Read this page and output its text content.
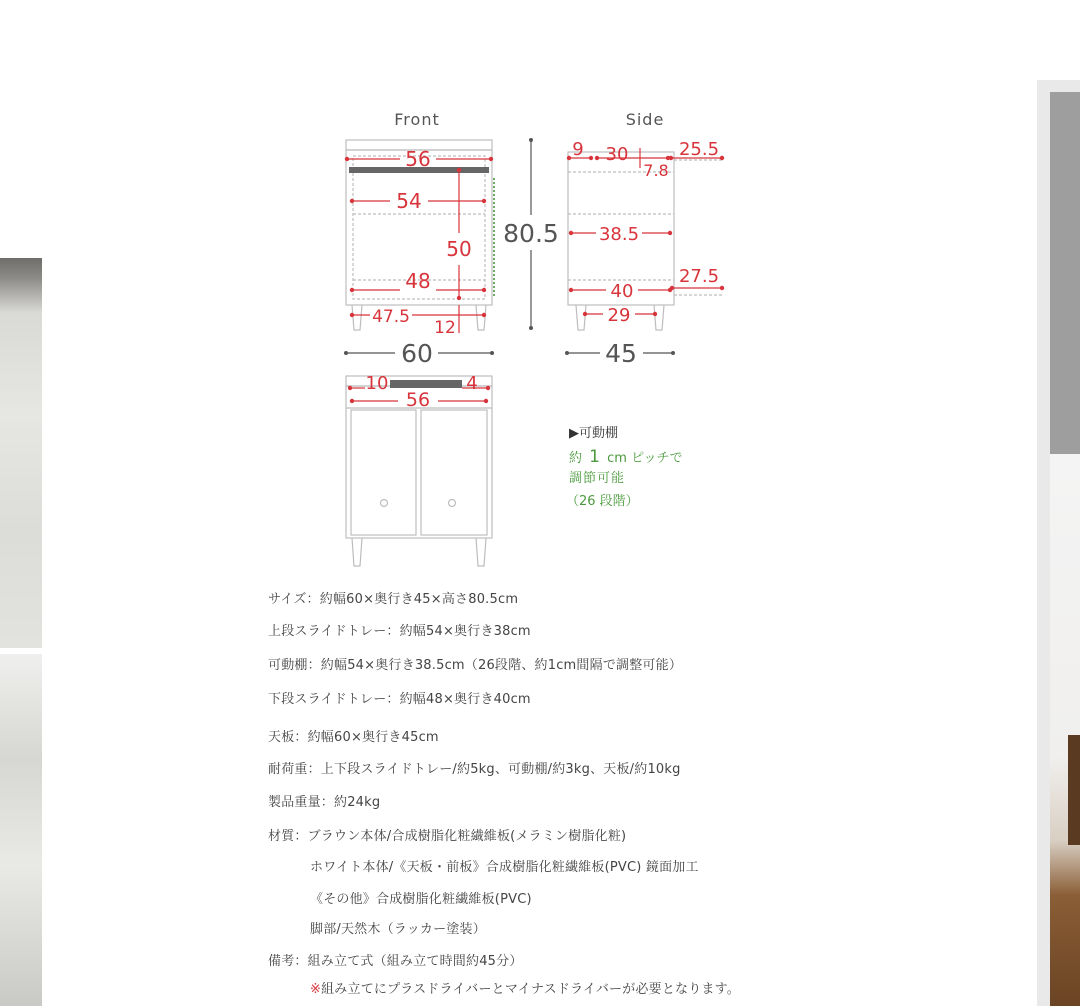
Front	Side
56
54
50
48
47.5
12
80.5
60	45
9 30
7.8
25.5
38.5
40
27.5
29
10	4
56
▶可動棚
約 1 cm ピッチで
調節可能
（26 段階）
サイズ：約幅60×奥行き45×高さ80.5cm
上段スライドトレー：約幅54×奥行き38cm
可動棚：約幅54×奥行き38.5cm（26段階、約1cm間隔で調整可能）
下段スライドトレー：約幅48×奥行き40cm
天板：約幅60×奥行き45cm
耐荷重：上下段スライドトレー/約5kg、可動棚/約3kg、天板/約10kg
製品重量：約24kg
材質：ブラウン本体/合成樹脂化粧繊維板(メラミン樹脂化粧)
ホワイト本体/《天板・前板》合成樹脂化粧繊維板(PVC) 鏡面加工
《その他》合成樹脂化粧繊維板(PVC)
脚部/天然木（ラッカー塗装）
備考：組み立て式（組み立て時間約45分）
※組み立てにプラスドライバーとマイナスドライバーが必要となります。
